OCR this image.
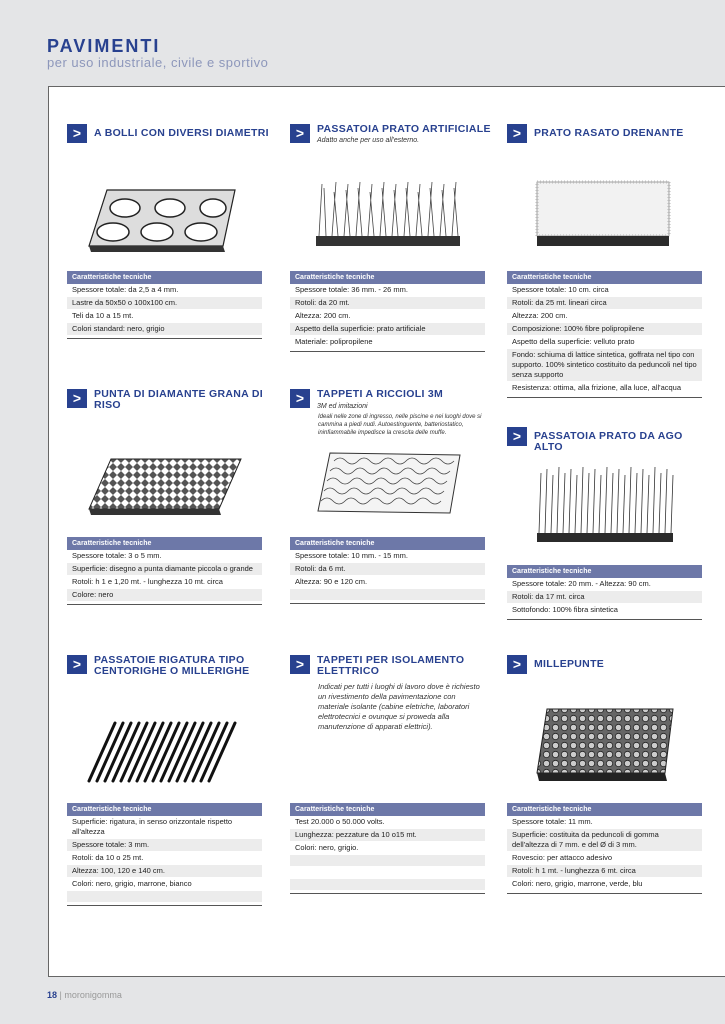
PAVIMENTI
per uso industriale, civile e sportivo
>	A BOLLI CON DIVERSI DIAMETRI
Caratteristiche tecniche
Spessore totale: da 2,5 a 4 mm.
Lastre da 50x50 o 100x100 cm.
Teli da 10 a 15 mt.
Colori standard: nero, grigio
>	PASSATOIA PRATO ARTIFICIALE
Adatto anche per uso all'esterno.
Caratteristiche tecniche
Spessore totale: 36 mm. - 26 mm.
Rotoli: da 20 mt.
Altezza: 200 cm.
Aspetto della superficie: prato artificiale
Materiale: polipropilene
>	PRATO RASATO DRENANTE
Caratteristiche tecniche
Spessore totale: 10 cm. circa
Rotoli: da 25 mt. lineari circa
Altezza: 200 cm.
Composizione: 100% fibre polipropilene
Aspetto della superficie: velluto prato
Fondo: schiuma di lattice sintetica, goffrata nel tipo con supporto. 100% sintetico costituito da peduncoli nel tipo senza supporto
Resistenza: ottima, alla frizione, alla luce, all'acqua
>	PUNTA DI DIAMANTE GRANA DI RISO
Caratteristiche tecniche
Spessore totale: 3 o 5 mm.
Superficie: disegno a punta diamante piccola o grande
Rotoli: h 1 e 1,20 mt. - lunghezza 10 mt. circa
Colore: nero
>	TAPPETI A RICCIOLI 3M
3M ed imitazioni
Ideali nelle zone di ingresso, nelle piscine e nei luoghi dove si cammina a piedi nudi. Autoestinguente, batteriostatico, ininfiammabile impedisce la crescita delle muffe.
Caratteristiche tecniche
Spessore totale: 10 mm. - 15 mm.
Rotoli: da 6 mt.
Altezza: 90 e 120 cm.
>	PASSATOIA PRATO DA AGO ALTO
Caratteristiche tecniche
Spessore totale: 20 mm. - Altezza: 90 cm.
Rotoli: da 17 mt. circa
Sottofondo: 100% fibra sintetica
>	PASSATOIE RIGATURA TIPO CENTORIGHE O MILLERIGHE
Caratteristiche tecniche
Superficie: rigatura, in senso orizzontale rispetto all'altezza
Spessore totale: 3 mm.
Rotoli: da 10 o 25 mt.
Altezza: 100, 120 e 140 cm.
Colori: nero, grigio, marrone, bianco
>	TAPPETI PER ISOLAMENTO ELETTRICO
Indicati per tutti i luoghi di lavoro dove è richiesto un rivestimento della pavimentazione con materiale isolante (cabine eletriche, laboratori elettrotecnici e ovunque si proweda alla manutenzione di apparati elettrici).
Caratteristiche tecniche
Test 20.000 o 50.000 volts.
Lunghezza: pezzature da 10 o15 mt.
Colori: nero, grigio.
>	MILLEPUNTE
Caratteristiche tecniche
Spessore totale: 11 mm.
Superficie: costituita da peduncoli di gomma dell'altezza di 7 mm. e del Ø di 3 mm.
Rovescio: per attacco adesivo
Rotoli: h 1 mt. - lunghezza 6 mt. circa
Colori: nero, grigio, marrone, verde, blu
18 | moronigomma
